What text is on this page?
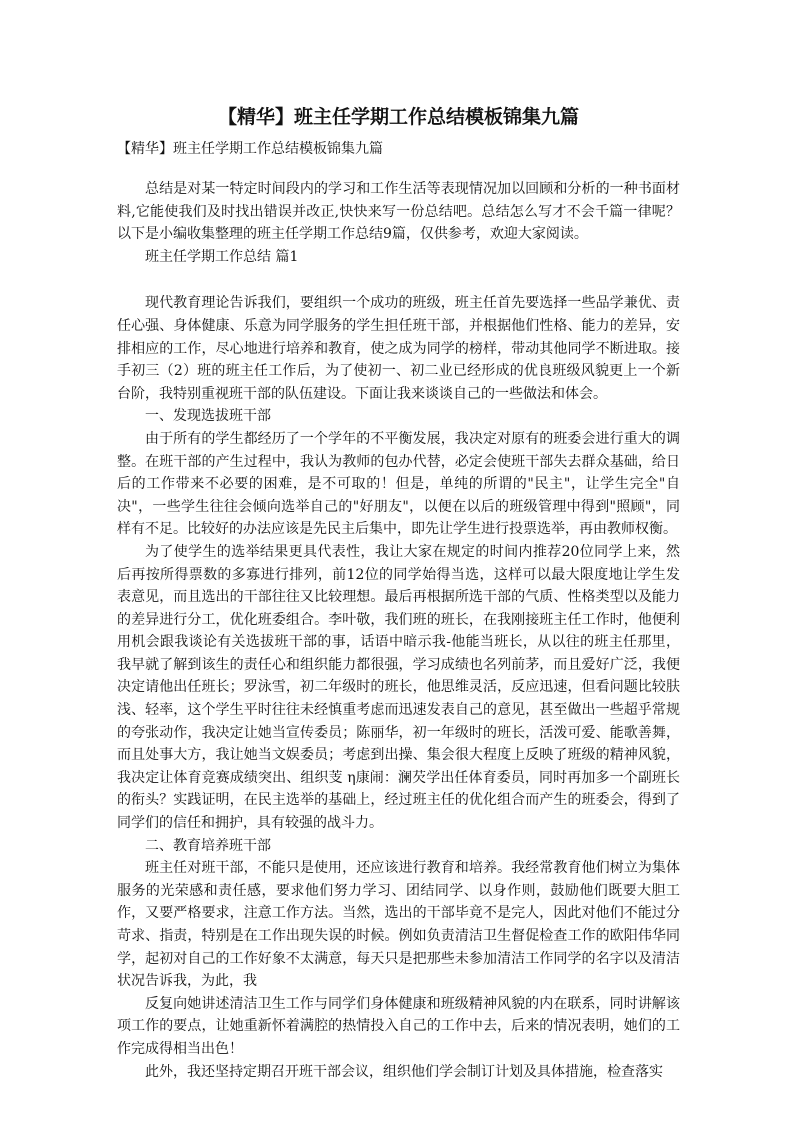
【精华】班主任学期工作总结模板锦集九篇

【精华】班主任学期工作总结模板锦集九篇

总结是对某一特定时间段内的学习和工作生活等表现情况加以回顾和分析的一种书面材料,它能使我们及时找出错误并改正,快快来写一份总结吧。总结怎么写才不会千篇一律呢？以下是小编收集整理的班主任学期工作总结9篇，仅供参考，欢迎大家阅读。

班主任学期工作总结 篇1

现代教育理论告诉我们，要组织一个成功的班级，班主任首先要选择一些品学兼优、责任心强、身体健康、乐意为同学服务的学生担任班干部，并根据他们性格、能力的差异，安排相应的工作，尽心地进行培养和教育，使之成为同学的榜样，带动其他同学不断进取。接手初三（2）班的班主任工作后，为了使初一、初二业已经形成的优良班级风貌更上一个新台阶，我特别重视班干部的队伍建设。下面让我来谈谈自己的一些做法和体会。

一、发现选拔班干部

由于所有的学生都经历了一个学年的不平衡发展，我决定对原有的班委会进行重大的调整。在班干部的产生过程中，我认为教师的包办代替，必定会使班干部失去群众基础，给日后的工作带来不必要的困难，是不可取的！但是，单纯的所谓的"民主"，让学生完全"自决"，一些学生往往会倾向选举自己的"好朋友"，以便在以后的班级管理中得到"照顾"，同样有不足。比较好的办法应该是先民主后集中，即先让学生进行投票选举，再由教师权衡。

为了使学生的选举结果更具代表性，我让大家在规定的时间内推荐20位同学上来，然后再按所得票数的多寡进行排列，前12位的同学始得当选，这样可以最大限度地让学生发表意见，而且选出的干部往往又比较理想。最后再根据所选干部的气质、性格类型以及能力的差异进行分工，优化班委组合。李叶敬，我们班的班长，在我刚接班主任工作时，他便利用机会跟我谈论有关选拔班干部的事，话语中暗示我-他能当班长，从以往的班主任那里，我早就了解到该生的责任心和组织能力都很强，学习成绩也名列前茅，而且爱好广泛，我便决定请他出任班长；罗泳雪，初二年级时的班长，他思维灵活，反应迅速，但看问题比较肤浅、轻率，这个学生平时往往未经慎重考虑而迅速发表自己的意见，甚至做出一些超乎常规的夸张动作，我决定让她当宣传委员；陈丽华，初一年级时的班长，活泼可爱、能歌善舞，而且处事大方，我让她当文娱委员；考虑到出操、集会很大程度上反映了班级的精神风貌，我决定让体育竞赛成绩突出、组织芰 η康闹：澜芡学出任体育委员，同时再加多一个副班长的衔头？实践证明，在民主选举的基础上，经过班主任的优化组合而产生的班委会，得到了同学们的信任和拥护，具有较强的战斗力。

二、教育培养班干部

班主任对班干部，不能只是使用，还应该进行教育和培养。我经常教育他们树立为集体服务的光荣感和责任感，要求他们努力学习、团结同学、以身作则，鼓励他们既要大胆工作，又要严格要求，注意工作方法。当然，选出的干部毕竟不是完人，因此对他们不能过分苛求、指责，特别是在工作出现失误的时候。例如负责清洁卫生督促检查工作的欧阳伟华同学，起初对自己的工作好象不太满意，每天只是把那些未参加清洁工作同学的名字以及清洁状况告诉我，为此，我

反复向她讲述清洁卫生工作与同学们身体健康和班级精神风貌的内在联系，同时讲解该项工作的要点，让她重新怀着满腔的热情投入自己的工作中去，后来的情况表明，她们的工作完成得相当出色！

此外，我还坚持定期召开班干部会议，组织他们学会制订计划及具体措施，检查落实
